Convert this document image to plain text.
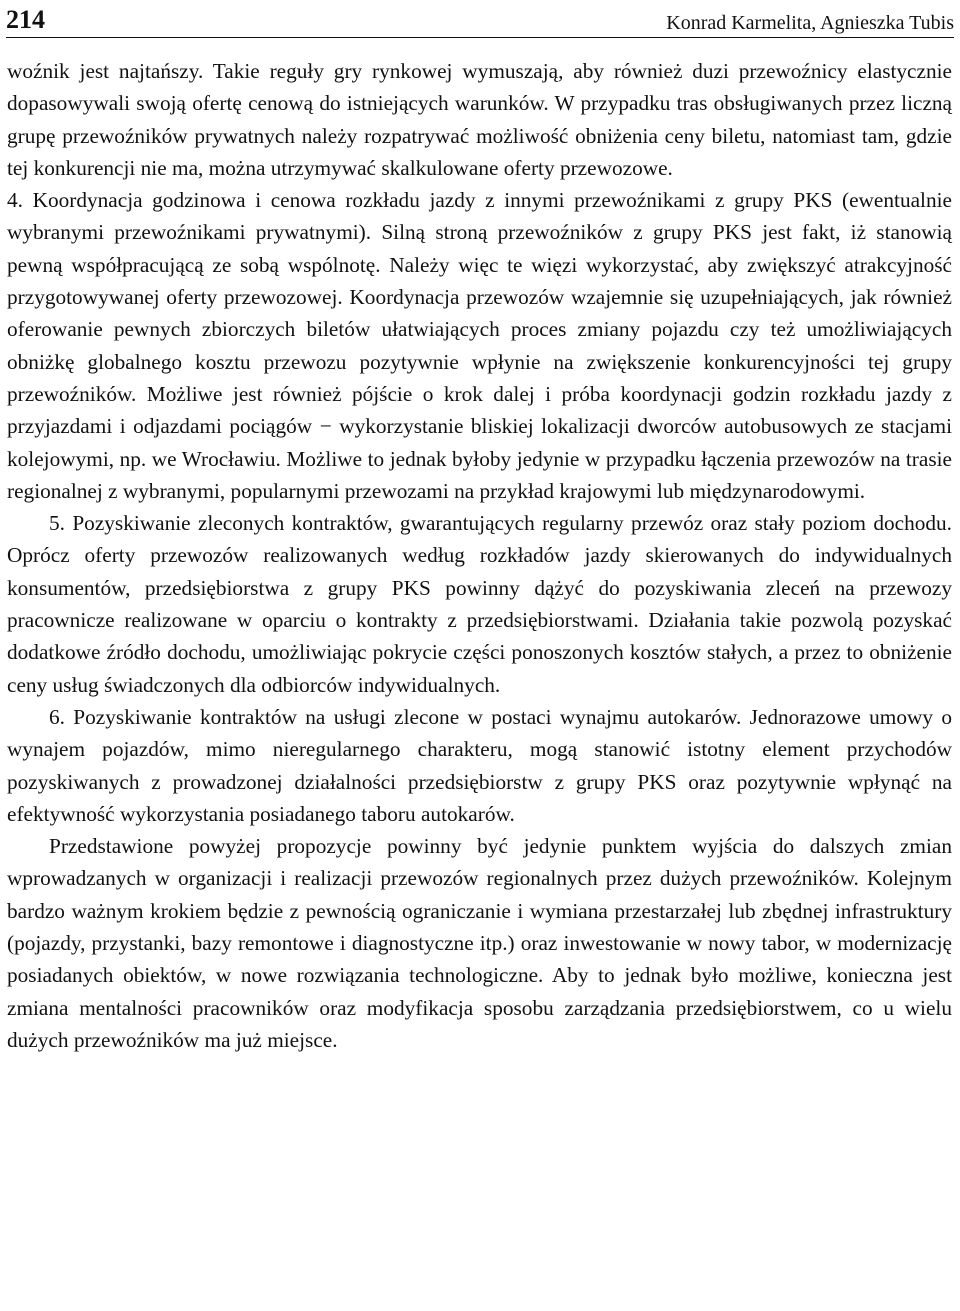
214	Konrad Karmelita, Agnieszka Tubis

woźnik jest najtańszy. Takie reguły gry rynkowej wymuszają, aby również duzi przewoźnicy elastycznie dopasowywali swoją ofertę cenową do istniejących warunków. W przypadku tras obsługiwanych przez liczną grupę przewoźników prywatnych należy rozpatrywać możliwość obniżenia ceny biletu, natomiast tam, gdzie tej konkurencji nie ma, można utrzymywać skalkulowane oferty przewozowe.

4. Koordynacja godzinowa i cenowa rozkładu jazdy z innymi przewoźnikami z grupy PKS (ewentualnie wybranymi przewoźnikami prywatnymi). Silną stroną przewoźników z grupy PKS jest fakt, iż stanowią pewną współpracującą ze sobą wspólnotę. Należy więc te więzi wykorzystać, aby zwiększyć atrakcyjność przygotowywanej oferty przewozowej. Koordynacja przewozów wzajemnie się uzupełniających, jak również oferowanie pewnych zbiorczych biletów ułatwiających proces zmiany pojazdu czy też umożliwiających obniżkę globalnego kosztu przewozu pozytywnie wpłynie na zwiększenie konkurencyjności tej grupy przewoźników. Możliwe jest również pójście o krok dalej i próba koordynacji godzin rozkładu jazdy z przyjazdami i odjazdami pociągów − wykorzystanie bliskiej lokalizacji dworców autobusowych ze stacjami kolejowymi, np. we Wrocławiu. Możliwe to jednak byłoby jedynie w przypadku łączenia przewozów na trasie regionalnej z wybranymi, popularnymi przewozami na przykład krajowymi lub międzynarodowymi.

5. Pozyskiwanie zleconych kontraktów, gwarantujących regularny przewóz oraz stały poziom dochodu. Oprócz oferty przewozów realizowanych według rozkładów jazdy skierowanych do indywidualnych konsumentów, przedsiębiorstwa z grupy PKS powinny dążyć do pozyskiwania zleceń na przewozy pracownicze realizowane w oparciu o kontrakty z przedsiębiorstwami. Działania takie pozwolą pozyskać dodatkowe źródło dochodu, umożliwiając pokrycie części ponoszonych kosztów stałych, a przez to obniżenie ceny usług świadczonych dla odbiorców indywidualnych.

6. Pozyskiwanie kontraktów na usługi zlecone w postaci wynajmu autokarów. Jednorazowe umowy o wynajem pojazdów, mimo nieregularnego charakteru, mogą stanowić istotny element przychodów pozyskiwanych z prowadzonej działalności przedsiębiorstw z grupy PKS oraz pozytywnie wpłynąć na efektywność wykorzystania posiadanego taboru autokarów.

Przedstawione powyżej propozycje powinny być jedynie punktem wyjścia do dalszych zmian wprowadzanych w organizacji i realizacji przewozów regionalnych przez dużych przewoźników. Kolejnym bardzo ważnym krokiem będzie z pewnością ograniczanie i wymiana przestarzałej lub zbędnej infrastruktury (pojazdy, przystanki, bazy remontowe i diagnostyczne itp.) oraz inwestowanie w nowy tabor, w modernizację posiadanych obiektów, w nowe rozwiązania technologiczne. Aby to jednak było możliwe, konieczna jest zmiana mentalności pracowników oraz modyfikacja sposobu zarządzania przedsiębiorstwem, co u wielu dużych przewoźników ma już miejsce.
